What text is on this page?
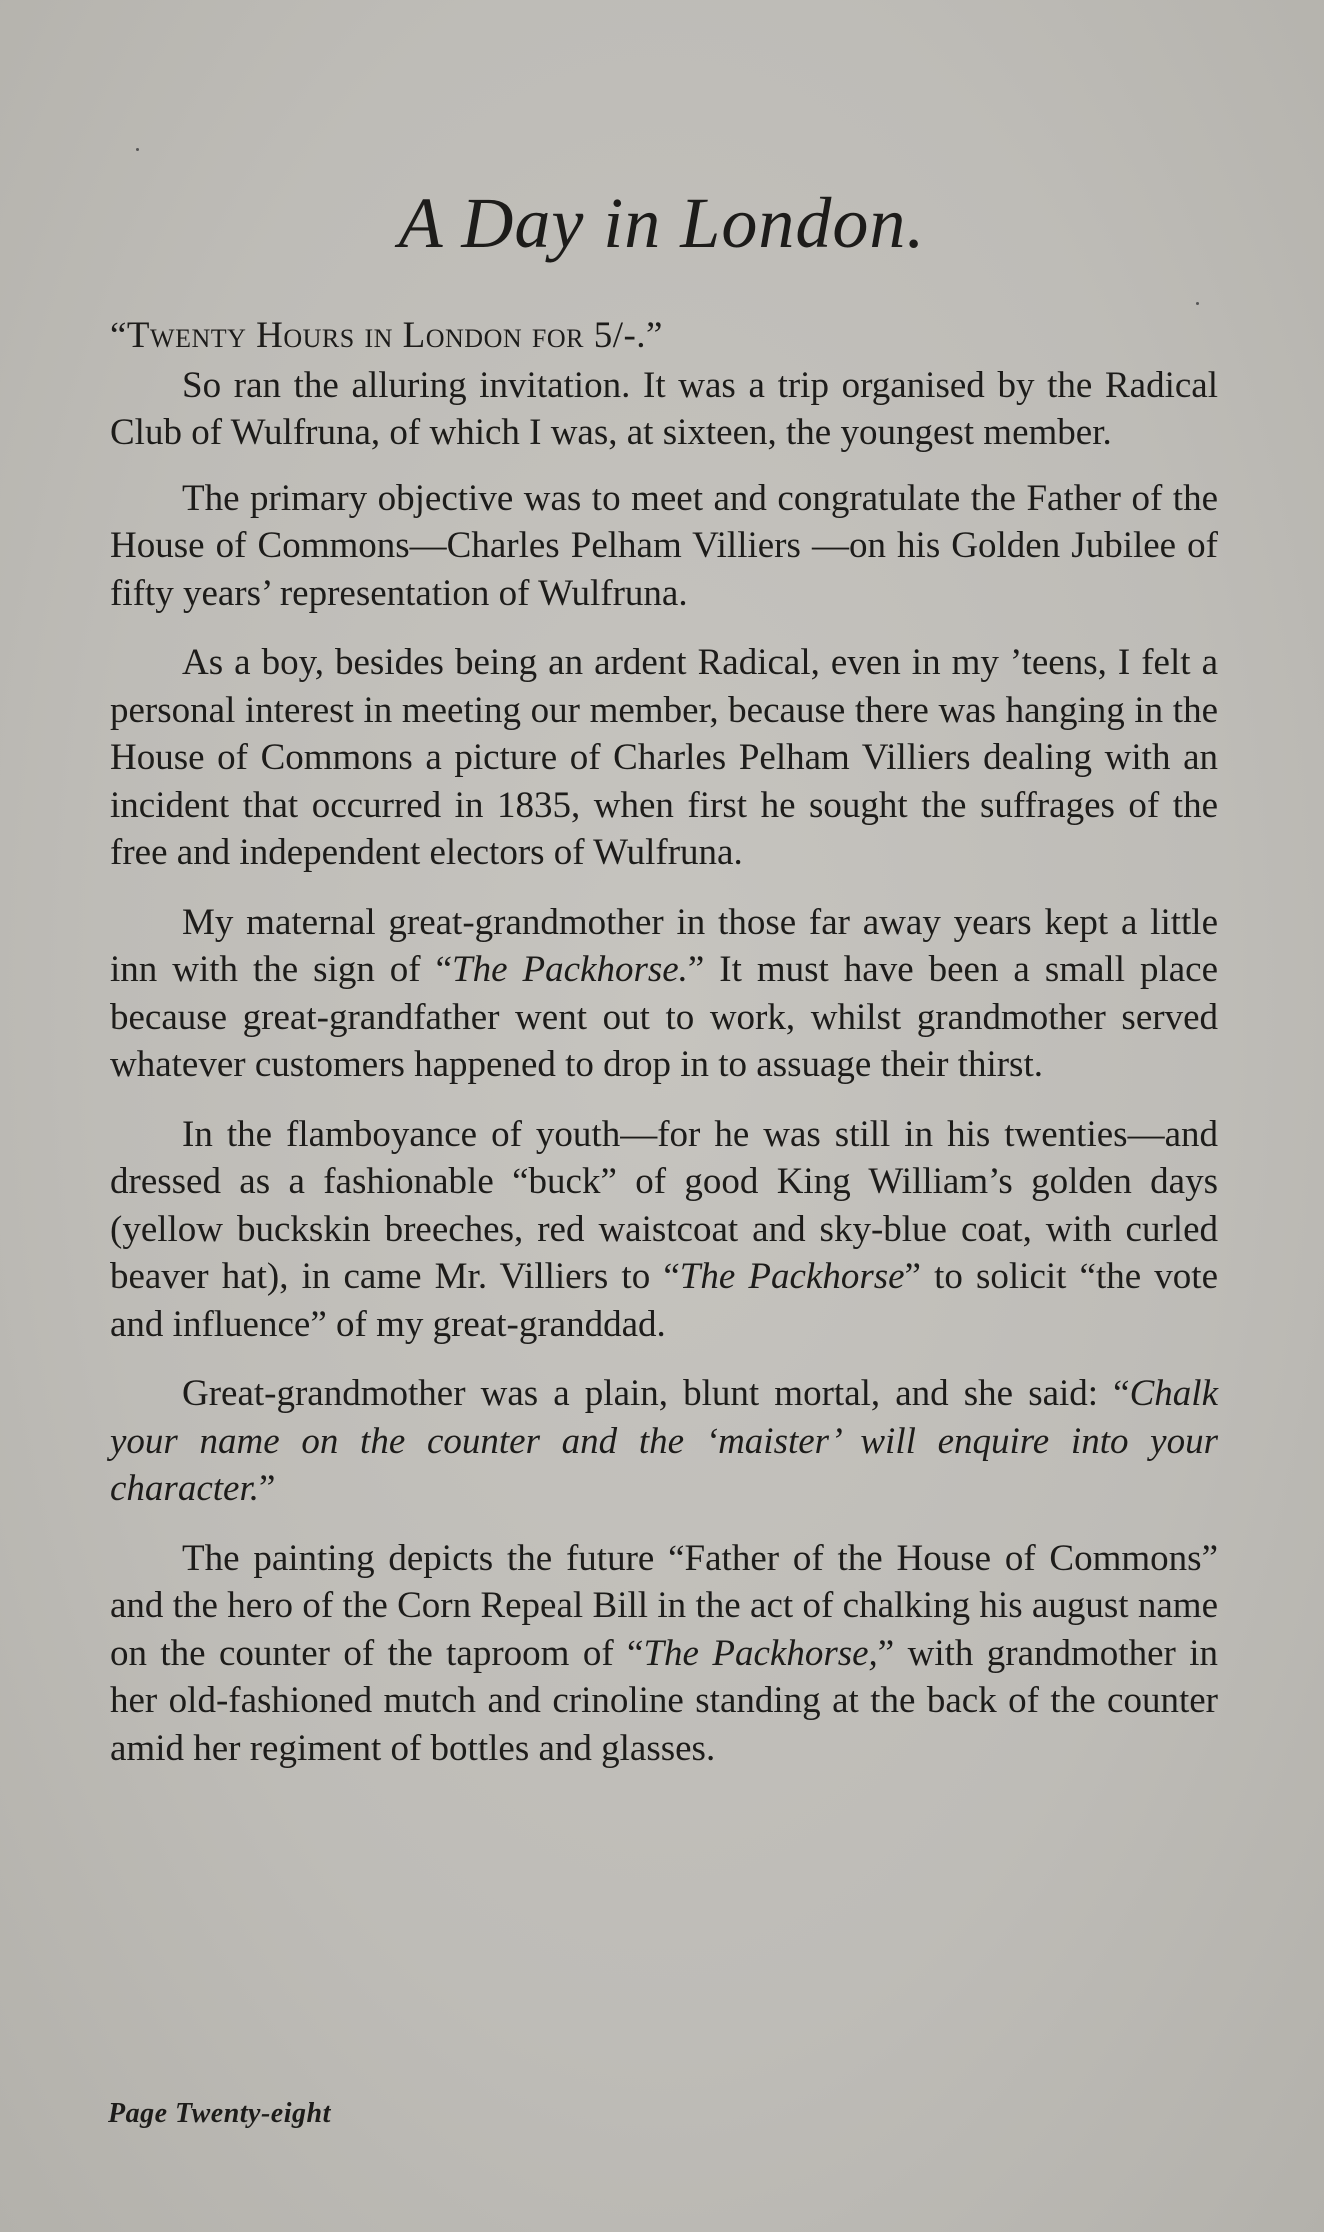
A Day in London.
“Twenty Hours in London for 5/-.”

So ran the alluring invitation. It was a trip organised by the Radical Club of Wulfruna, of which I was, at sixteen, the youngest member.

The primary objective was to meet and congratulate the Father of the House of Commons—Charles Pelham Villiers —on his Golden Jubilee of fifty years’ representation of Wulfruna.

As a boy, besides being an ardent Radical, even in my ’teens, I felt a personal interest in meeting our member, because there was hanging in the House of Commons a picture of Charles Pelham Villiers dealing with an incident that occurred in 1835, when first he sought the suffrages of the free and independent electors of Wulfruna.

My maternal great-grandmother in those far away years kept a little inn with the sign of “The Packhorse.” It must have been a small place because great-grandfather went out to work, whilst grandmother served whatever customers happened to drop in to assuage their thirst.

In the flamboyance of youth—for he was still in his twenties—and dressed as a fashionable “buck” of good King William’s golden days (yellow buckskin breeches, red waistcoat and sky-blue coat, with curled beaver hat), in came Mr. Villiers to “The Packhorse” to solicit “the vote and influence” of my great-granddad.

Great-grandmother was a plain, blunt mortal, and she said: “Chalk your name on the counter and the ‘maister’ will enquire into your character.”

The painting depicts the future “Father of the House of Commons” and the hero of the Corn Repeal Bill in the act of chalking his august name on the counter of the taproom of “The Packhorse,” with grandmother in her old-fashioned mutch and crinoline standing at the back of the counter amid her regiment of bottles and glasses.

Page Twenty-eight
